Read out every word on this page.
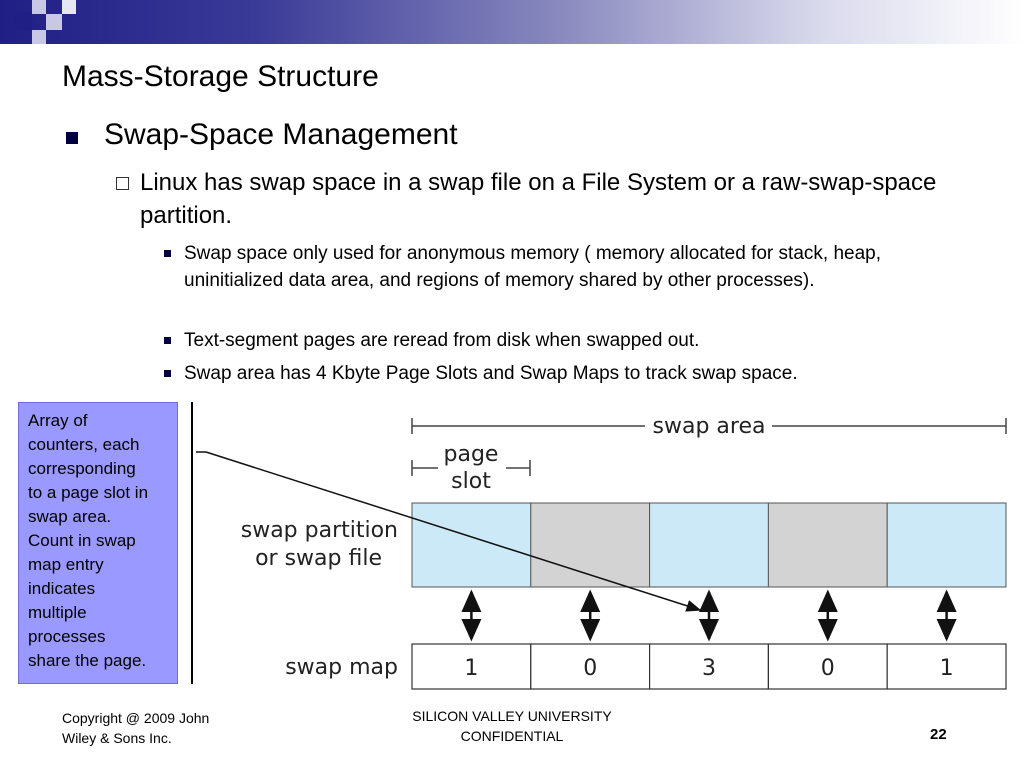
Mass-Storage Structure
Swap-Space Management
Linux has swap space in a swap file on a File System or a raw-swap-space partition.
Swap space only used for anonymous memory ( memory allocated for stack, heap, uninitialized data area, and regions of memory shared by other processes).
Text-segment pages are reread from disk when swapped out.
Swap area has 4 Kbyte Page Slots and Swap Maps to track swap space.
Array of
counters, each
corresponding
to a page slot in
swap area.
Count in swap
map entry
indicates
multiple
processes
share the page.
swap area
page
slot
swap partition
or swap file
swap map	1	0	3	0	1
Copyright @ 2009 John
Wiley & Sons Inc.
SILICON VALLEY UNIVERSITY
CONFIDENTIAL	22
